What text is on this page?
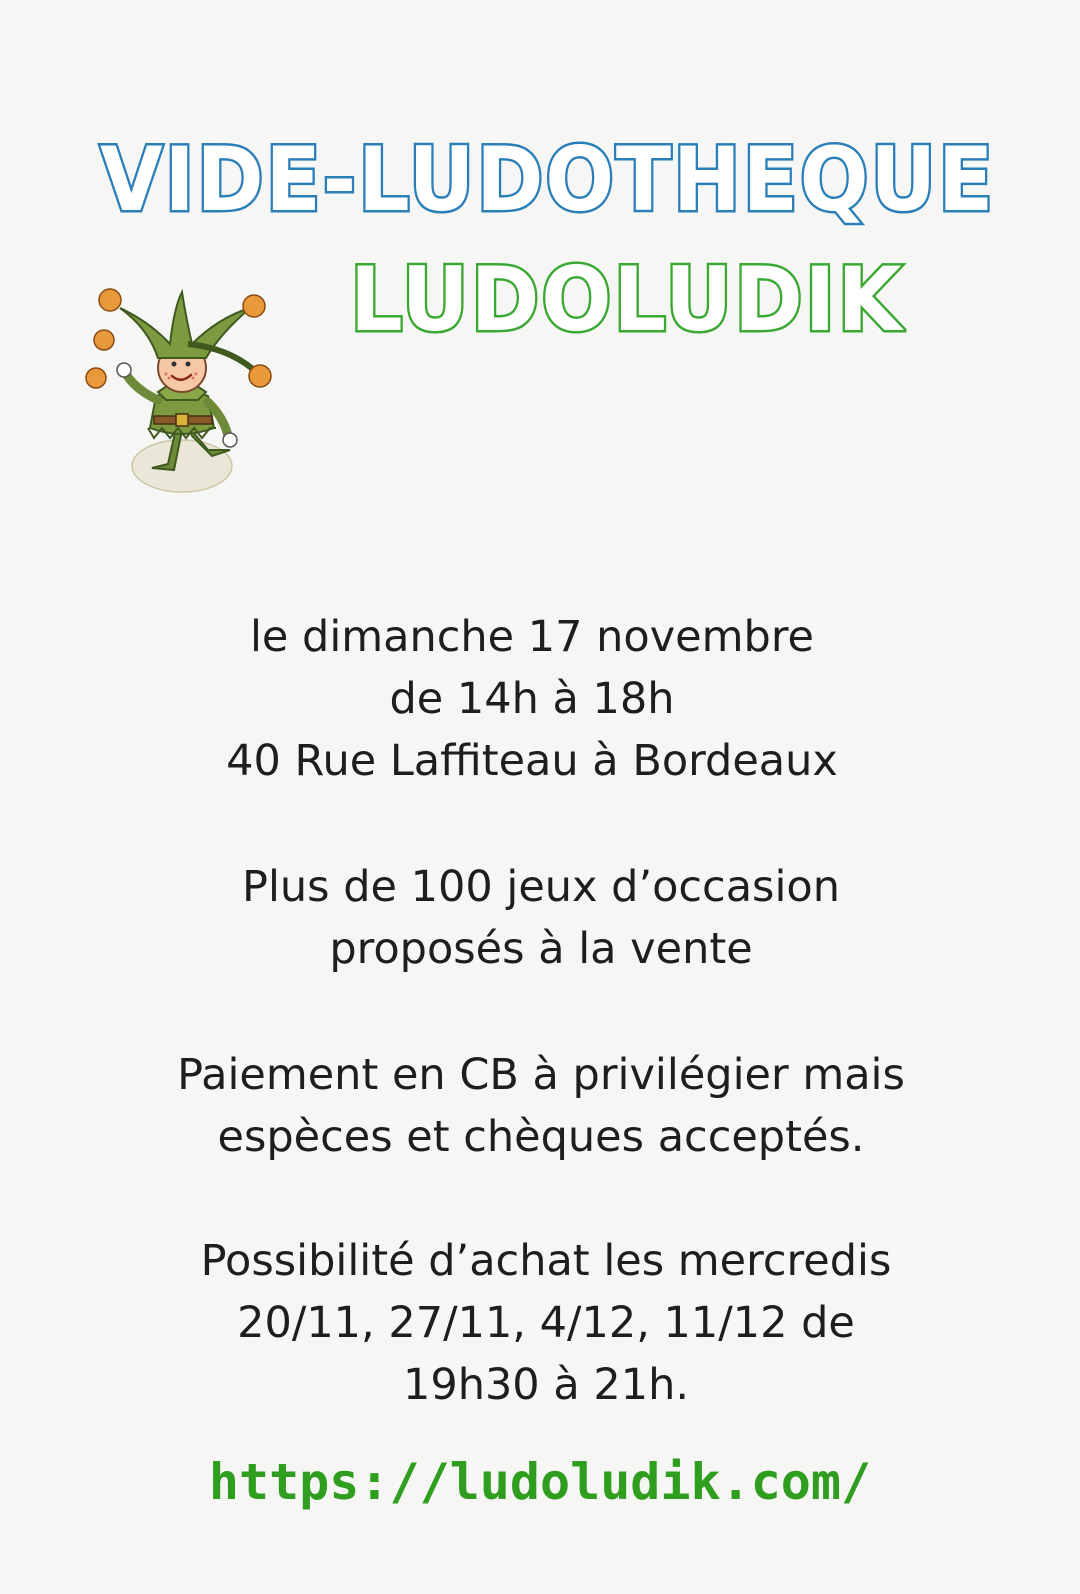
VIDE-LUDOTHEQUE
LUDOLUDIK

le dimanche 17 novembre

de 14h à 18h

40 Rue Laffiteau à Bordeaux

Plus de 100 jeux d’occasion

proposés à la vente

Paiement en CB à privilégier mais

espèces et chèques acceptés.

Possibilité d’achat les mercredis

20/11, 27/11, 4/12, 11/12 de

19h30 à 21h.

https://ludoludik.com/
